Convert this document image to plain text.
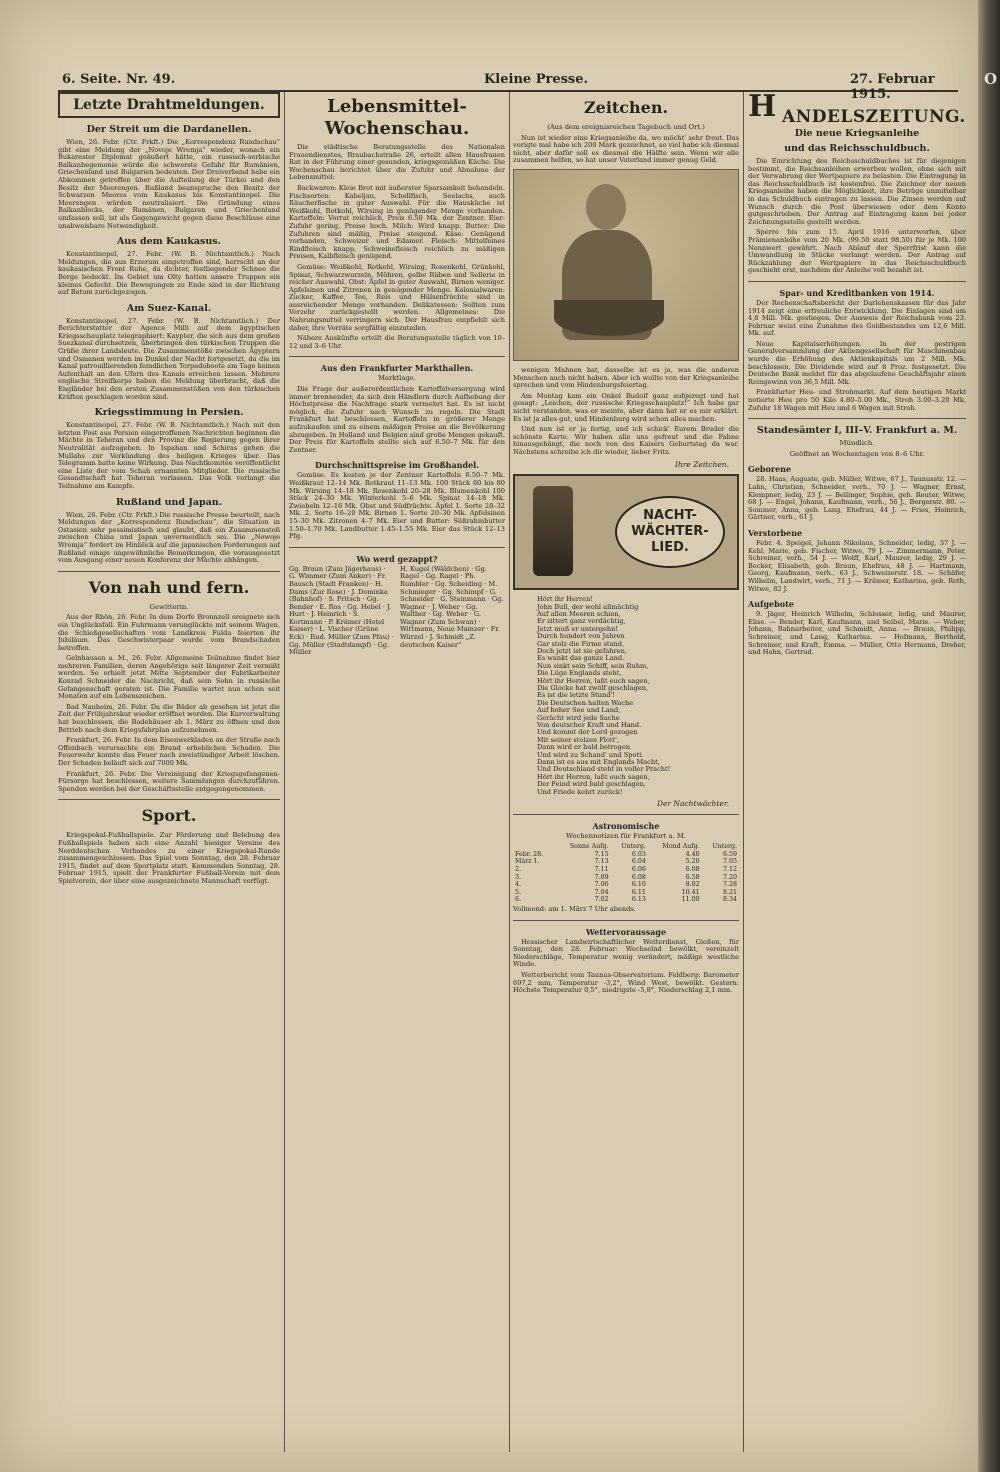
6. Seite. Nr. 49.	Kleine Presse.	27. Februar 1915.
Letzte Drahtmeldungen.
Der Streit um die Dardanellen.

Wien, 26. Febr. (Ctr. Frkft.) Die „Korrespondenz Rundschau“ gibt eine Meldung der „Novoje Wremja“ wieder, wonach ein Bukarester Diplomat geäußert hätte, ein russisch-serbische Balkanhegemonie würde die schwerste Gefahr für Rumänien, Griechenland und Bulgarien bedeuten. Der Dreiverband habe ein Abkommen getroffen über die Aufteilung der Türkei und den Besitz der Meerengen. Rußland beanspruche den Besitz der Schwarzen Meeres vom Kaukasus bis Konstantinopel. Die Meerengen würden neutralisiert. Die Gründung eines Balkanblocks, der Rumänen, Bulgaren und Griechenland umfassen soll, ist als Gegengewicht gegen diese Beschlüsse eine unabweisbare Notwendigkeit.

Aus dem Kaukasus.

Konstantinopel, 27. Febr. (W. B. Nichtamtlich.) Nach Meldungen, die aus Erzerum eingetroffen sind, herrscht an der kaukasischen Front Ruhe, da dichter, festliegender Schnee die Berge bedeckt. Im Gebiet um Olty hatten unsere Truppen ein kleines Gefecht. Die Bewegungen zu Ende sind in der Richtung auf Batum zurückgezogen.

Am Suez-Kanal.

Konstantinopel, 27. Febr. (W. B. Nichtamtlich.) Der Berichterstatter der Agence Milli auf dem ägyptischen Kriegsschauplatz telegraphiert: Kaypter, die sich aus dem großen Suezkanal durchsetzen, überbringen den türkischen Truppen die Grüße ihrer Landsleute. Die Zusammenstöße zwischen Ägyptern und Osmanen werden im Dunkel der Nacht fortgesetzt, da die im Kanal patrouillierenden feindlichen Torpedoboote am Tage keinen Aufenthalt an den Ufern des Kanals erreichen lassen. Mehrere englische Streifkorps haben die Meldung überbracht, daß die Engländer bei den ersten Zusammenstößen von den türkischen Kräften geschlagen worden sind.

Kriegsstimmung in Persien.

Konstantinopel, 27. Febr. (W. B. Nichtamtlich.) Nach mit den letzten Post aus Persien eingetroffenen Nachrichten beginnen die Mächte in Teheran und den Provinz die Regierung gegen ihrer Neutralität aufzugeben. In Ispahan und Schiras gehen die Mullahs zur Verkündung des heiligen Krieges über. Das Telegramm hatte keine Wirkung. Das Nachtkomitee veröffentlicht eine Liste der vom Schah ernannten Mitglieder. Die russische Gesandtschaft hat Teheran verlassen. Das Volk verlangt die Teilnahme am Kampfe.

Rußland und Japan.

Wien, 26. Febr. (Ctr. Frkft.) Die russische Presse beurteilt, nach Meldungen der „Korrespondenz Rundschau“, die Situation in Ostasien sehr pessimistisch und glaubt, daß ein Zusammenstoß zwischen China und Japan unvermeidlich sei. Die „Nowoje Wremja“ fordert im Hinblick auf die japanischen Forderungen auf Rußland einige ungewöhnliche Bemerkungen, die vorausgesetzt vom Ausgang einer neuen Konferenz der Mächte abhängen.

Von nah und fern.
Gewitterin.

Aus der Rhön, 26. Febr. In dem Dorfe Bronnzell ereignete sich ein Unglücksfall. Ein Fuhrmann verunglückte mit seinem Wagen, die Schießgesellschaften vom Landkreis Fulda feierten ihr Jubiläum. Das Geschwisterpaar wurde vom Brandschaden betroffen.

Gelnhausen a. M., 26. Febr. Allgemeine Teilnahme findet hier mehreren Familien, deren Angehörige seit längerer Zeit vermißt werden. So erhielt jetzt Mitte September der Fabrikarbeiter Konrad Schneider die Nachricht, daß sein Sohn in russische Gefangenschaft geraten ist. Die Familie wartet nun schon seit Monaten auf ein Lebenszeichen.

Bad Nauheim, 26. Febr. Da die Bäder ab gesehen ist jetzt die Zeit der Frühjahrskur wieder eröffnet worden. Die Kurverwaltung hat beschlossen, die Badehäuser ab 1. März zu öffnen und den Betrieb nach dem Kriegsfahrplan aufzunehmen.

Frankfurt, 26. Febr. In dem Eisenwerkladen an der Straße nach Offenbach verursachte ein Brand erheblichen Schaden. Die Feuerwehr konnte das Feuer nach zweistündiger Arbeit löschen. Der Schaden beläuft sich auf 7000 Mk.

Frankfurt, 26. Febr. Die Vereinigung der Kriegsgefangenen-Fürsorge hat beschlossen, weitere Sammlungen durchzuführen. Spenden werden bei der Geschäftsstelle entgegengenommen.

Sport.

Kriegspokal-Fußballspiele. Zur Förderung und Belebung des Fußballspiels haben sich eine Anzahl hiesiger Vereine des Norddeutschen Verbandes zu einer Kriegspokal-Runde zusammengeschlossen. Das Spiel vom Sonntag, den 28. Februar 1915, findet auf dem Sportplatz statt. Kommenden Sonntag, 28. Februar 1915, spielt der Frankfurter Fußball-Verein mit dem Spielverein, der über eine ausgezeichnete Mannschaft verfügt.

Lebensmittel-Wochenschau.

Die städtische Beratungsstelle des Nationalen Frauendienstes, Braubachstraße 26, erteilt allen Hausfrauen Rat in der Führung einer gesunden, kriegsgemäßen Küche. Die Wochenschau berichtet über die Zufuhr und Abnahme der Lebensmittel:

Backwaren: Kleie Brot mit äußerster Sparsamkeit behandeln. Fischsorten: Kabeljau, Schellfisch, Seelachs, auch Räucherfische in guter Auswahl. Für die Hausküche ist Weißkohl, Rotkohl, Wirsing in genügender Menge vorhanden. Kartoffeln: Vorrat reichlich, Preis 6.50 Mk. der Zentner. Eier: Zufuhr gering, Preise hoch. Milch: Wird knapp. Butter: Die Zufuhren sind mäßig, Preise steigend. Käse: Genügend vorhanden, Schweizer und Edamer. Fleisch: Mittelfeines Rindfleisch knapp, Schweinefleisch reichlich zu mäßigen Preisen, Kalbfleisch genügend.

Gemüse: Weißkohl, Rotkohl, Wirsing, Rosenkohl, Grünkohl, Spinat, Schwarzwurzeln, Möhren, gelbe Rüben und Sellerie in reicher Auswahl. Obst: Äpfel in guter Auswahl, Birnen weniger. Apfelsinen und Zitronen in genügender Menge. Kolonialwaren: Zucker, Kaffee, Tee, Reis und Hülsenfrüchte sind in ausreichender Menge vorhanden. Delikatessen: Sollten zum Verzehr zurückgestellt werden. Allgemeines: Die Nahrungsmittel verringern sich. Der Hausfrau empfiehlt sich daher, ihre Vorräte sorgfältig einzuteilen.

Nähere Auskünfte erteilt die Beratungsstelle täglich von 10–12 und 3–6 Uhr.

Aus den Frankfurter Markthallen.
Marktlage.

Die Frage der außerordentlichen Kartoffelversorgung wird immer brennender, da sich den Händlern durch Aufhebung der Höchstpreise die Nachfrage stark vermehrt hat. Es ist nicht möglich, die Zufuhr nach Wunsch zu regeln. Die Stadt Frankfurt hat beschlossen, Kartoffeln in größerer Menge aufzukaufen und zu einem mäßigen Preise an die Bevölkerung abzugeben. In Holland und Belgien sind große Mengen gekauft. Der Preis für Kartoffeln stellte sich auf 6.50–7 Mk. für den Zentner.

Durchschnittspreise im Großhandel.

Gemüse. Es kosten je der Zentner Kartoffeln 6.50–7 Mk. Weißkraut 12–14 Mk. Rotkraut 11–13 Mk. 100 Stück 60 bis 80 Mk. Wirsing 14–18 Mk. Rosenkohl 20–28 Mk. Blumenkohl 100 Stück 24–30 Mk. Winterkohl 5–6 Mk. Spinat 14–18 Mk. Zwiebeln 12–16 Mk. Obst und Südfrüchte. Äpfel 1. Sorte 28–32 Mk. 2. Sorte 16–20 Mk. Birnen 1. Sorte 20–30 Mk. Apfelsinen 15–30 Mk. Zitronen 4–7 Mk. Eier und Butter: Süßrahmbutter 1.50–1.70 Mk. Landbutter 1.45–1.55 Mk. Eier das Stück 12–13 Pfg.

Wo werd gezappt?

Gg. Braun (Zum Jägerhaus) · G. Wimmer (Zum Anker) · Fr. Bausch (Stadt Franken) · H. Dams (Zur Rose) · J. Dominka (Bahnhof) · S. Fritsch · Gg. Bender · E. Ros · Gg. Hebel · J. Hurt · J. Heinrich · S. Kortmann · P. Krämer (Hotel Kaiser) · L. Vischer (Grüne Eck) · Rud. Müller (Zum Pfau) · Gg. Müller (Stadtdampf) · Gg. Müller

H. Kugel (Wäldchen) · Gg. Ragel · Gg. Ragel · Ph. Rumbler · Gg. Scheiding · M. Schmieger · Gg. Schimpf · G. Schneider · G. Steinmann · Gg. Wagner · J. Weber · Gg. Walther · Gg. Weber · G. Wagner (Zum Schwan) · Wittmann, Neue Mainzer · Fr. Würzel · J. Schmidt „Z. deutschen Kaiser“

Zeitchen.
(Aus dem ereignisreichen Tagebuch und Ort.)

Nun ist wieder eine Kriegsanleihe da, wo möcht' sehr freut. Das vorigte mal habe ich 200 Mark gezeichnet, so viel habe ich diesmal nicht, aber dafür soll es diesmal die Hälfte sein. Wenn wir alle zusammen helfen, so hat unser Vaterland immer genug Geld.

wenigen Mahnen hat, dasselbe ist es ja, was die anderen Menschen auch nicht haben. Aber ich wollte von der Kriegsanleihe sprechen und vom Hindenburgsfeiertag.

Am Montag kam ein Onkel Rudolf ganz aufgeregt und hat gesagt: „Leichen, der russische Kriegsschauplatz!“ Ich habe gar nicht verstanden, was er meinte, aber dann hat er es mir erklärt. Es ist ja alles gut, und Hindenburg wird schon alles machen.

Und nun ist er ja fertig, und ich schick' Eurem Bruder die schönste Karte. Wir haben alle uns gefreut und die Fahne hinausgehängt, die noch von des Kaisers Geburtstag da war. Nächstens schreibe ich dir wieder, lieber Fritz.

Ihre Zeitchen.
NACHT-WÄCHTER-LIED.
Hört ihr Herren!
John Bull, der wohl allmächtig
Auf allen Meeren schien,
Er zittert ganz verdächtig,
Jetzt muß er untergehn!
Durch hundert von Jahren
Gar stolz die Firme stand,
Doch jetzt ist sie gefahren,
Es wankt das ganze Land.
Nun sinkt sein Schiff, sein Ruhm,
Die Lüge Englands steht,
Hört ihr Herren, laßt euch sagen,
Die Glocke hat zwölf geschlagen,
Es ist die letzte Stund'!
Die Deutschen halten Wache
Auf hoher See und Land,
Gerächt wird jede Sache
Von deutscher Kraft und Hand.
Und kommt der Lord gezogen
Mit seiner stolzen Flott',
Dann wird er bald betrogen
Und wird zu Schand' und Spott.
Dann ist es aus mit Englands Macht,
Und Deutschland steht in voller Pracht!
Hört ihr Herren, laßt euch sagen,
Der Feind wird bald geschlagen,
Und Friede kehrt zurück!
Der Nachtwächter.
Astronomische
Wochennotizen für Frankfurt a. M.
	Sonne Aufg.	Unterg.	Mond Aufg.	Unterg.
Febr. 28.	7.15	6.03	4.40	6.59
März 1.	7.13	6.04	5.20	7.05
2.	7.11	6.06	6.08	7.12
3.	7.09	6.08	6.58	7.20
4.	7.06	6.10	8.02	7.28
5.	7.04	6.11	10.41	8.21
6.	7.02	6.13	11.00	8.34

Vollmond: am 1. März 7 Uhr abends.

Wettervoraussage

Hessischer Landwirtschaftlicher Wetterdienst, Gießen, für Sonntag, den 28. Februar: Wechselnd bewölkt, vereinzelt Niederschläge, Temperatur wenig verändert, mäßige westliche Winde.

Wetterbericht vom Taunus-Observatorium. Feldberg: Barometer 697,2 mm, Temperatur -3,2°, Wind West, bewölkt. Gestern: Höchste Temperatur 0,5°, niedrigste -5,8°, Niederschlag 2,1 mm.

H ANDELSZEITUNG.
Die neue Kriegsanleihe
und das Reichsschuldbuch.

Die Einrichtung des Reichsschuldbuches ist für diejenigen bestimmt, die Reichsanleihen erwerben wollen, ohne sich mit der Verwahrung der Wertpapiere zu belasten. Die Eintragung in das Reichsschuldbuch ist kostenfrei. Die Zeichner der neuen Kriegsanleihe haben die Möglichkeit, ihre Beträge unmittelbar in das Schuldbuch eintragen zu lassen. Die Zinsen werden auf Wunsch durch die Post überwiesen oder dem Konto gutgeschrieben. Der Antrag auf Eintragung kann bei jeder Zeichnungsstelle gestellt werden.

Sperre bis zum 15. April 1916 unterworfen, über Prämienanleihe vom 20 Mk. (99.50 statt 98.50) für je Mk. 100 Nennwert gewährt. Nach Ablauf der Sperrfrist kann die Umwandlung in Stücke verlangt werden. Der Antrag auf Rückzahlung der Wertpapiere in das Reichsschuldbuch geschieht erst, nachdem der Anleihe voll bezahlt ist.

Spar- und Kreditbanken von 1914.

Der Rechenschaftsbericht der Darlehenskassen für das Jahr 1914 zeigt eine erfreuliche Entwicklung. Die Einlagen sind um 4,8 Mill. Mk. gestiegen. Der Ausweis der Reichsbank vom 23. Februar weist eine Zunahme des Goldbestandes um 12,6 Mill. Mk. auf.

Neue Kapitalserhöhungen. In der gestrigen Generalversammlung der Aktiengesellschaft für Maschinenbau wurde die Erhöhung des Aktienkapitals um 2 Mill. Mk. beschlossen. Die Dividende wird auf 8 Proz. festgesetzt. Die Deutsche Bank meldet für das abgelaufene Geschäftsjahr einen Reingewinn von 36,5 Mill. Mk.

Frankfurter Heu- und Strohmarkt. Auf dem heutigen Markt notierte Heu pro 50 Kilo 4.80–5.00 Mk., Stroh 3.00–3.20 Mk. Zufuhr 18 Wagen mit Heu und 6 Wagen mit Stroh.

Standesämter I, III–V. Frankfurt a. M.
Mündlich.
Geöffnet an Wochentagen von 8–6 Uhr.
Geborene

28. Haas, Auguste, geb. Müller, Witwe, 67 J., Taunusstr. 12. — Lahn, Christian, Schneider, verh., 70 J. — Wagner, Ernst, Klempner, ledig, 23 J. — Bellinger, Sophie, geb. Reuter, Witwe, 68 J. — Engel, Johann, Kaufmann, verh., 56 J., Bergerstr. 80. — Sommer, Anna, geb. Lang, Ehefrau, 44 J. — Fries, Heinrich, Gärtner, verh., 61 J.

Verstorbene

Febr. 4. Speigel, Johann Nikolaus, Schneider, ledig, 37 J. — Kehl, Marie, geb. Fischer, Witwe, 79 J. — Zimmermann, Peter, Schreiner, verh., 54 J. — Wolff, Karl, Maurer, ledig, 29 J. — Becker, Elisabeth, geb. Braun, Ehefrau, 48 J. — Hartmann, Georg, Kaufmann, verh., 63 J., Schweizerstr. 18. — Schäfer, Wilhelm, Landwirt, verh., 71 J. — Krämer, Katharina, geb. Roth, Witwe, 82 J.

Aufgebote

9. Jäger, Heinrich Wilhelm, Schlosser, ledig, und Maurer, Elise. — Bender, Karl, Kaufmann, und Seibel, Marie. — Weber, Johann, Bahnarbeiter, und Schmidt, Anna. — Braun, Philipp, Schreiner, und Lang, Katharina. — Hofmann, Berthold, Schreiner, und Kraft, Emma. — Müller, Otto Hermann, Dreher, und Hahn, Gertrud.

O
